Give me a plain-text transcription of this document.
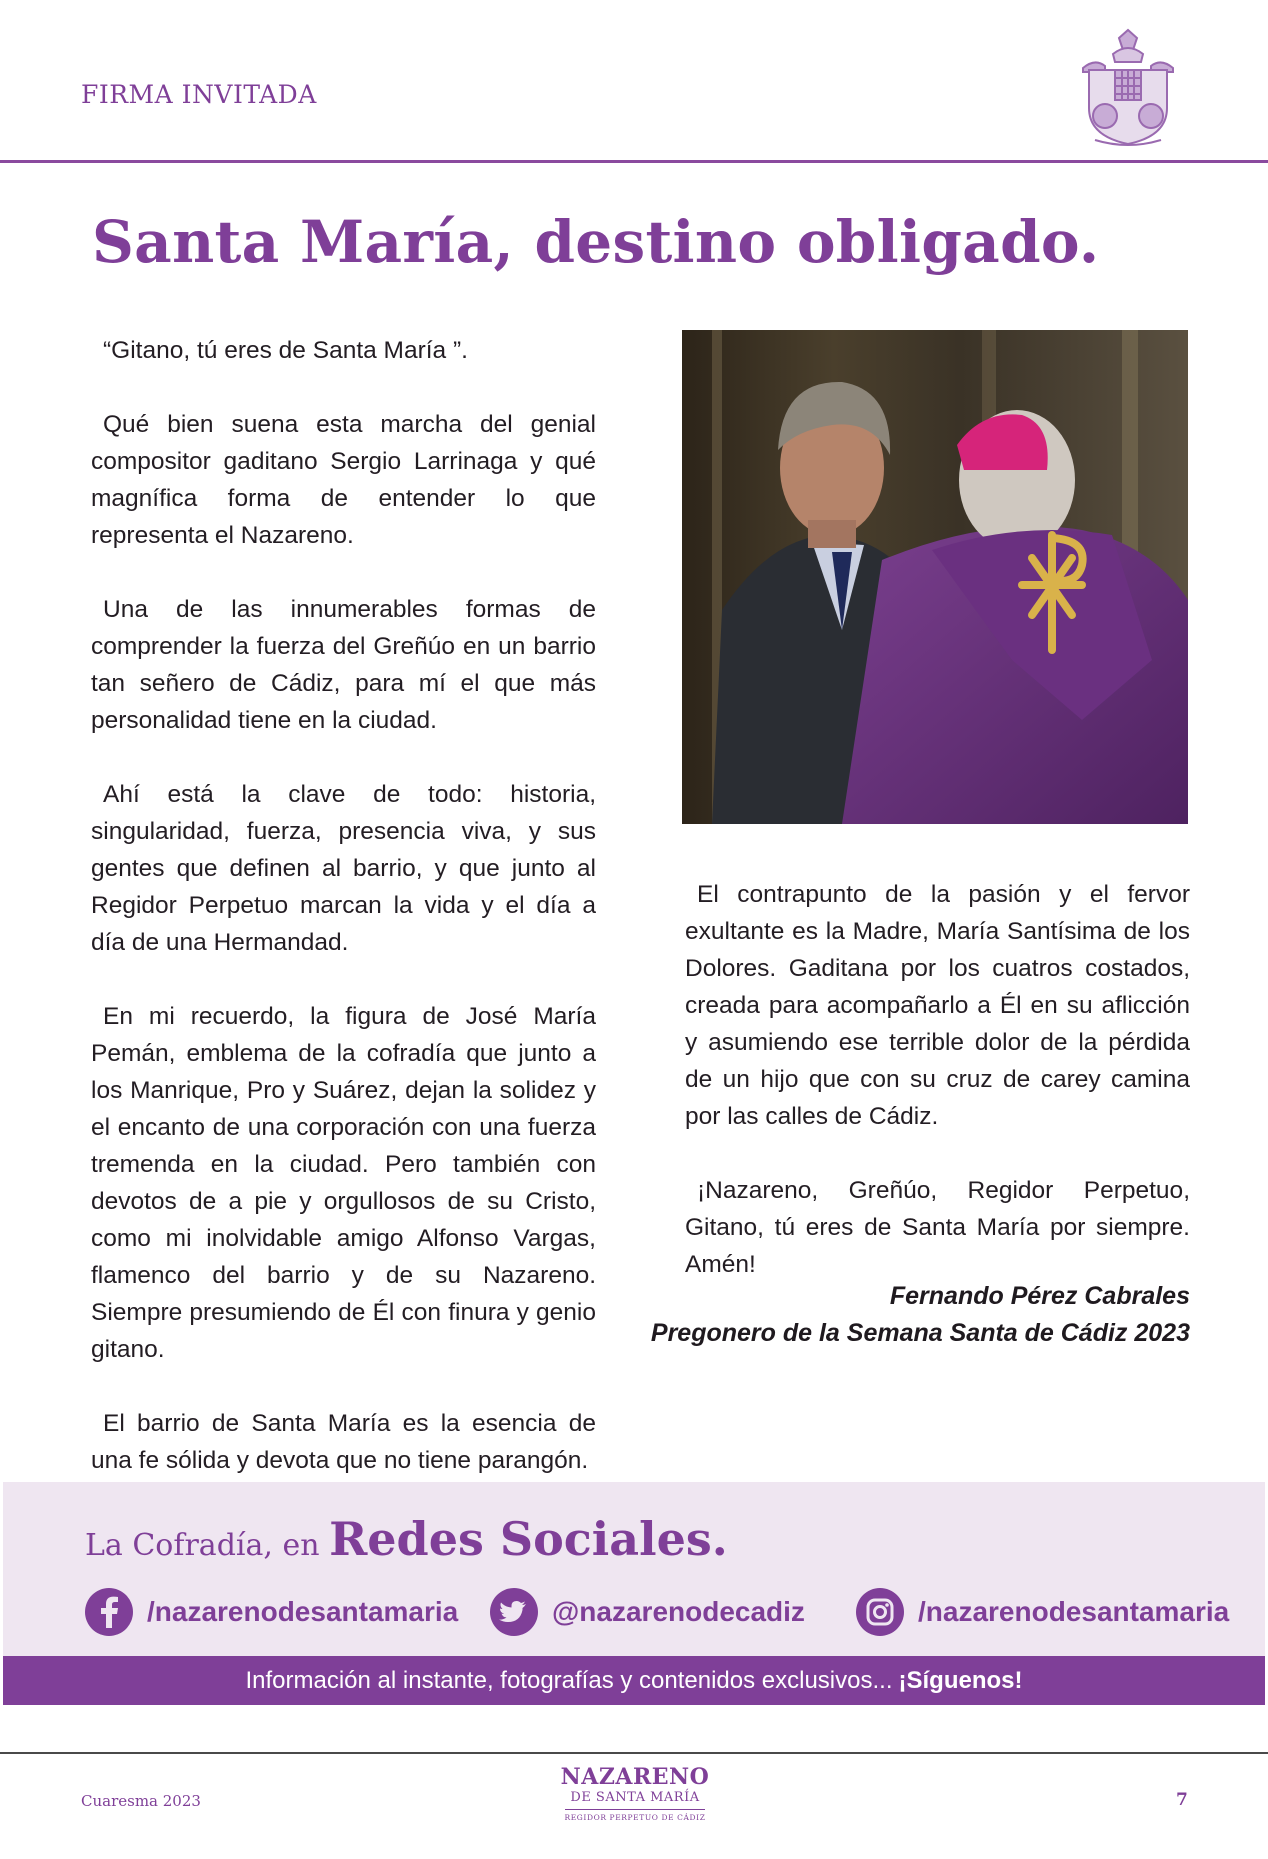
FIRMA INVITADA
Santa María, destino obligado.

“Gitano, tú eres de Santa María ”.

Qué bien suena esta marcha del genial compositor gaditano Sergio Larrinaga y qué magnífica forma de entender lo que representa el Nazareno.

Una de las innumerables formas de comprender la fuerza del Greñúo en un barrio tan señero de Cádiz, para mí el que más personalidad tiene en la ciudad.

Ahí está la clave de todo: historia, singularidad, fuerza, presencia viva, y sus gentes que definen al barrio, y que junto al Regidor Perpetuo marcan la vida y el día a día de una Hermandad.

En mi recuerdo, la figura de José María Pemán, emblema de la cofradía que junto a los Manrique, Pro y Suárez, dejan la solidez y el encanto de una corporación con una fuerza tremenda en la ciudad. Pero también con devotos de a pie y orgullosos de su Cristo, como mi inolvidable amigo Alfonso Vargas, flamenco del barrio y de su Nazareno. Siempre presumiendo de Él con finura y genio gitano.

El barrio de Santa María es la esencia de una fe sólida y devota que no tiene parangón.

El contrapunto de la pasión y el fervor exultante es la Madre, María Santísima de los Dolores. Gaditana por los cuatros costados, creada para acompañarlo a Él en su aflicción y asumiendo ese terrible dolor de la pérdida de un hijo que con su cruz de carey camina por las calles de Cádiz.

¡Nazareno, Greñúo, Regidor Perpetuo, Gitano, tú eres de Santa María por siempre. Amén!

Fernando Pérez Cabrales
Pregonero de la Semana Santa de Cádiz 2023
La Cofradía, en Redes Sociales.
/nazarenodesantamaria	@nazarenodecadiz	/nazarenodesantamaria
Información al instante, fotografías y contenidos exclusivos... ¡Síguenos!
Cuaresma 2023
NAZARENO
DE SANTA MARÍA
REGIDOR PERPETUO DE CÁDIZ
7
